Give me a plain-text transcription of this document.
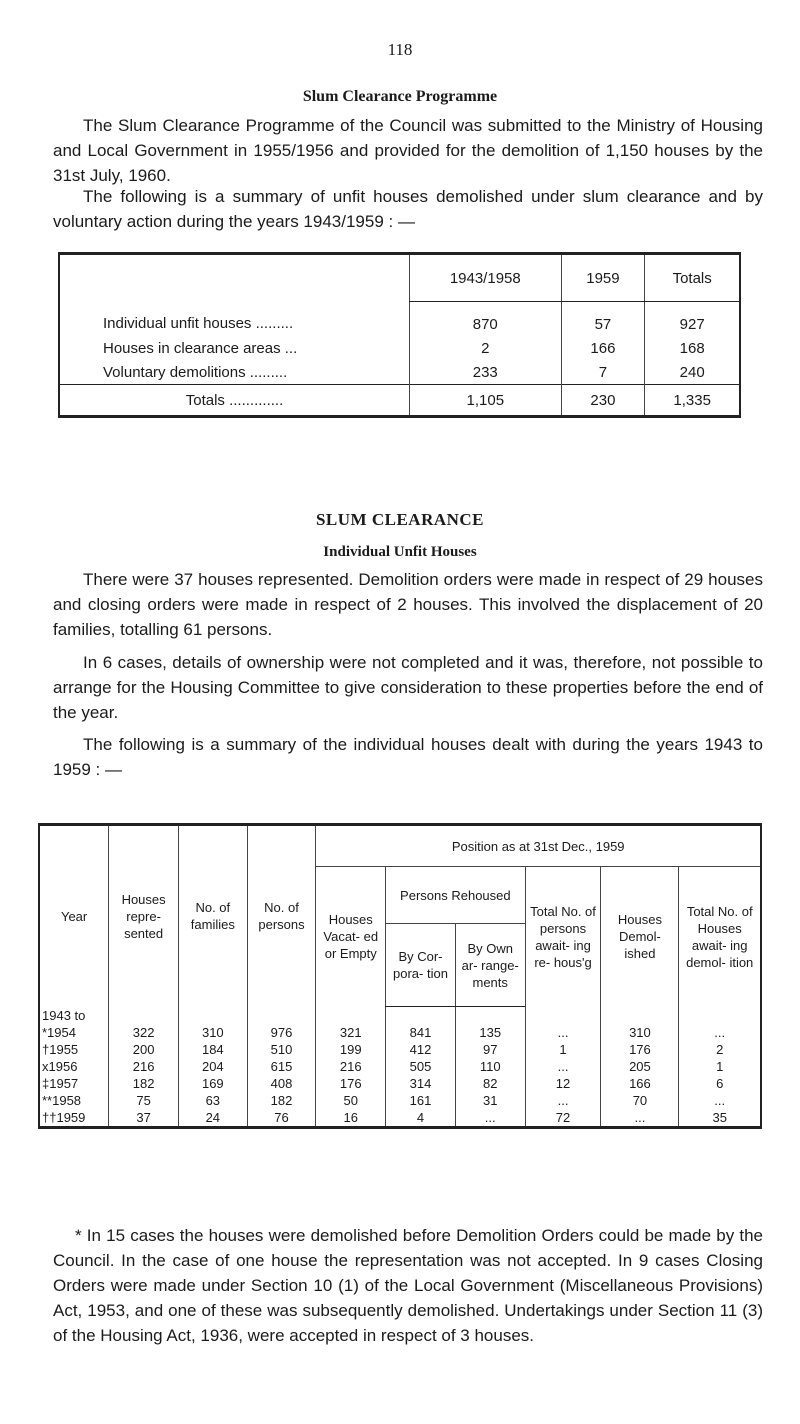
118
Slum Clearance Programme

The Slum Clearance Programme of the Council was submitted to the Ministry of Housing and Local Government in 1955/1956 and provided for the demolition of 1,150 houses by the 31st July, 1960.

The following is a summary of unfit houses demolished under slum clearance and by voluntary action during the years 1943/1959 : —

	1943/1958	1959	Totals
Individual unfit houses .........	870	57	927
Houses in clearance areas ...	2	166	168
Voluntary demolitions .........	233	7	240
Totals .............	1,105	230	1,335
SLUM CLEARANCE
Individual Unfit Houses

There were 37 houses represented. Demolition orders were made in respect of 29 houses and closing orders were made in respect of 2 houses. This involved the displacement of 20 families, totalling 61 persons.

In 6 cases, details of ownership were not completed and it was, therefore, not possible to arrange for the Housing Committee to give consideration to these properties before the end of the year.

The following is a summary of the individual houses dealt with during the years 1943 to 1959 : —

Year	Houses repre- sented	No. of families	No. of persons	Position as at 31st Dec., 1959					
				Houses Vacat- ed or Empty	Persons Rehoused		Total No. of persons await- ing re- hous'g	Houses Demol- ished	Total No. of Houses await- ing demol- ition
					By Cor- pora- tion	By Own ar- range- ments			
1943 to									
*1954	322	310	976	321	841	135	...	310	...
†1955	200	184	510	199	412	97	1	176	2
x1956	216	204	615	216	505	110	...	205	1
‡1957	182	169	408	176	314	82	12	166	6
**1958	75	63	182	50	161	31	...	70	...
††1959	37	24	76	16	4	...	72	...	35

* In 15 cases the houses were demolished before Demolition Orders could be made by the Council. In the case of one house the representation was not accepted. In 9 cases Closing Orders were made under Section 10 (1) of the Local Government (Miscellaneous Provisions) Act, 1953, and one of these was subsequently demolished. Undertakings under Section 11 (3) of the Housing Act, 1936, were accepted in respect of 3 houses.
